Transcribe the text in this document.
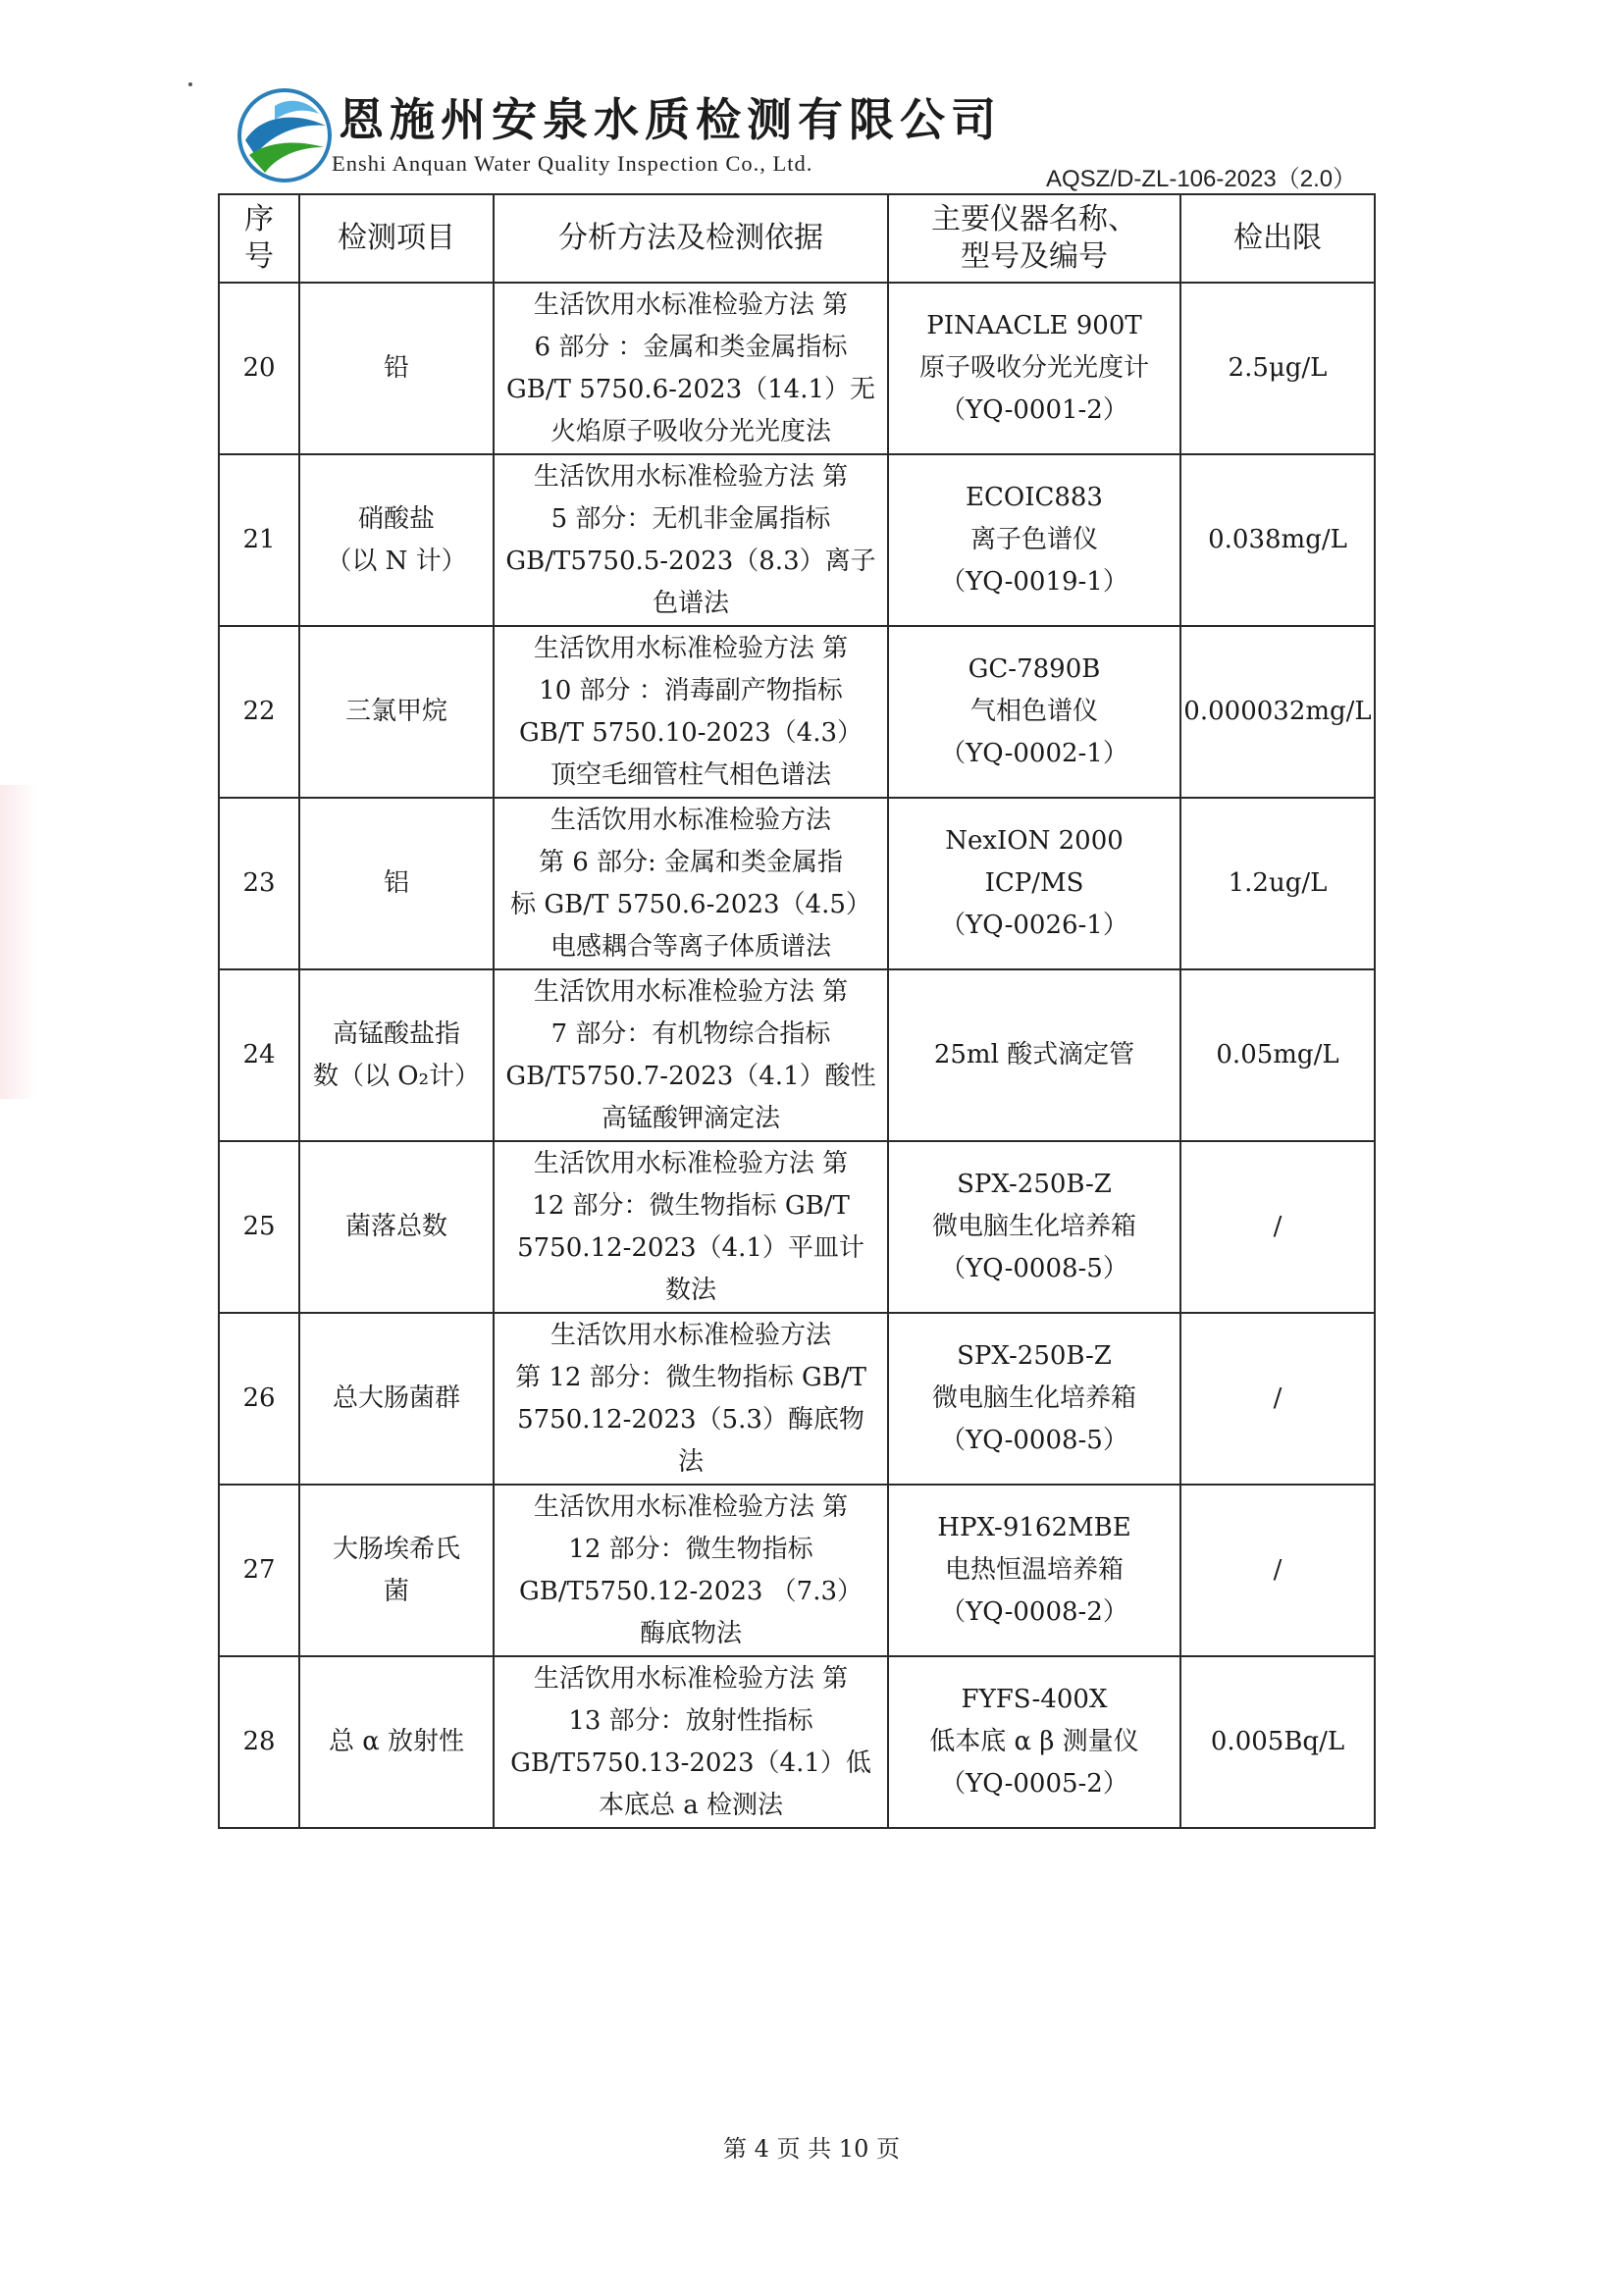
恩施州安泉水质检测有限公司
Enshi Anquan Water Quality Inspection Co., Ltd.
AQSZ/D-ZL-106-2023（2.0）
序
号	检测项目	分析方法及检测依据	主要仪器名称、
型号及编号	检出限
20	铅	生活饮用水标准检验方法 第
6 部分 ：金属和类金属指标
GB/T 5750.6-2023（14.1）无
火焰原子吸收分光光度法	PINAACLE 900T
原子吸收分光光度计
（YQ-0001-2）	2.5μg/L
21	硝酸盐
（以 N 计）	生活饮用水标准检验方法 第
5 部分：无机非金属指标
GB/T5750.5-2023（8.3）离子
色谱法	ECOIC883
离子色谱仪
（YQ-0019-1）	0.038mg/L
22	三氯甲烷	生活饮用水标准检验方法 第
10 部分 ：消毒副产物指标
GB/T 5750.10-2023（4.3）
顶空毛细管柱气相色谱法	GC-7890B
气相色谱仪
（YQ-0002-1）	0.000032mg/L
23	铝	生活饮用水标准检验方法
第 6 部分: 金属和类金属指
标 GB/T 5750.6-2023（4.5）
电感耦合等离子体质谱法	NexION 2000
ICP/MS
（YQ-0026-1）	1.2ug/L
24	高锰酸盐指
数（以 O₂计）	生活饮用水标准检验方法 第
7 部分：有机物综合指标
GB/T5750.7-2023（4.1）酸性
高锰酸钾滴定法	25ml 酸式滴定管	0.05mg/L
25	菌落总数	生活饮用水标准检验方法 第
12 部分：微生物指标 GB/T
5750.12-2023（4.1）平皿计
数法	SPX-250B-Z
微电脑生化培养箱
（YQ-0008-5）	/
26	总大肠菌群	生活饮用水标准检验方法
第 12 部分：微生物指标 GB/T
5750.12-2023（5.3）酶底物
法	SPX-250B-Z
微电脑生化培养箱
（YQ-0008-5）	/
27	大肠埃希氏
菌	生活饮用水标准检验方法 第
12 部分：微生物指标
GB/T5750.12-2023 （7.3）
酶底物法	HPX-9162MBE
电热恒温培养箱
（YQ-0008-2）	/
28	总 α 放射性	生活饮用水标准检验方法 第
13 部分：放射性指标
GB/T5750.13-2023（4.1）低
本底总 a 检测法	FYFS-400X
低本底 α β 测量仪
（YQ-0005-2）	0.005Bq/L
第 4 页 共 10 页
